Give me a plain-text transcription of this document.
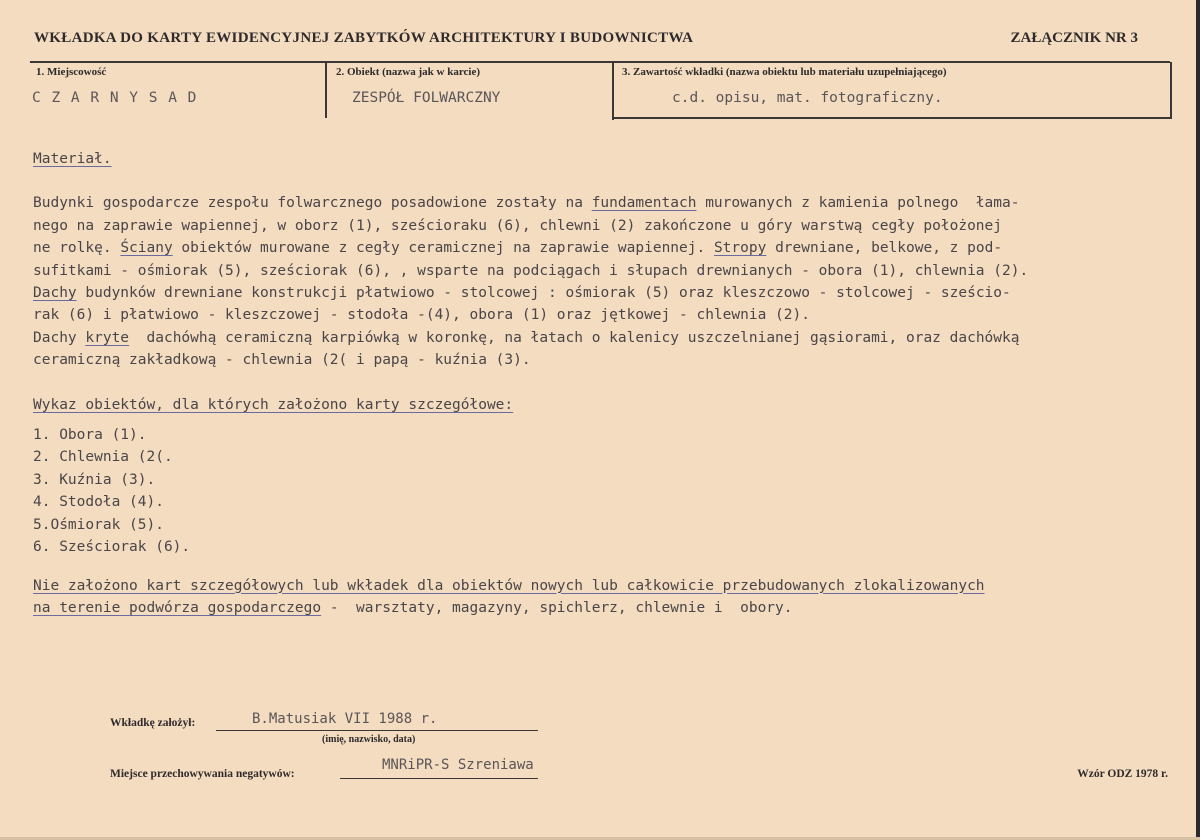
WKŁADKA DO KARTY EWIDENCYJNEJ ZABYTKÓW ARCHITEKTURY I BUDOWNICTWA	ZAŁĄCZNIK NR 3
1. Miejscowość
C Z A R N Y S A D
2. Obiekt (nazwa jak w karcie)
ZESPÓŁ FOLWARCZNY
3. Zawartość wkładki (nazwa obiektu lub materiału uzupełniającego)
c.d. opisu, mat. fotograficzny.

Materiał.

Budynki gospodarcze zespołu folwarcznego posadowione zostały na fundamentach murowanych z kamienia polnego  łama-

nego na zaprawie wapiennej, w oborz (1), sześcioraku (6), chlewni (2) zakończone u góry warstwą cegły położonej

ne rolkę. Ściany obiektów murowane z cegły ceramicznej na zaprawie wapiennej. Stropy drewniane, belkowe, z pod-

sufitkami - ośmiorak (5), sześciorak (6), , wsparte na podciągach i słupach drewnianych - obora (1), chlewnia (2).

Dachy budynków drewniane konstrukcji płatwiowo - stolcowej : ośmiorak (5) oraz kleszczowo - stolcowej - sześcio-

rak (6) i płatwiowo - kleszczowej - stodoła -(4), obora (1) oraz jętkowej - chlewnia (2).

Dachy kryte  dachówhą ceramiczną karpiówką w koronkę, na łatach o kalenicy uszczelnianej gąsiorami, oraz dachówką

ceramiczną zakładkową - chlewnia (2( i papą - kuźnia (3).

Wykaz obiektów, dla których założono karty szczegółowe:

1. Obora (1).
2. Chlewnia (2(.
3. Kuźnia (3).
4. Stodoła (4).
5.Ośmiorak (5).
6. Sześciorak (6).

Nie założono kart szczegółowych lub wkładek dla obiektów nowych lub całkowicie przebudowanych zlokalizowanych

na terenie podwórza gospodarczego -  warsztaty, magazyny, spichlerz, chlewnie i  obory.

Wkładkę założył:	B.Matusiak VII 1988 r.
(imię, nazwisko, data)
Miejsce przechowywania negatywów:
MNRiPR-S Szreniawa
Wzór ODZ 1978 r.
